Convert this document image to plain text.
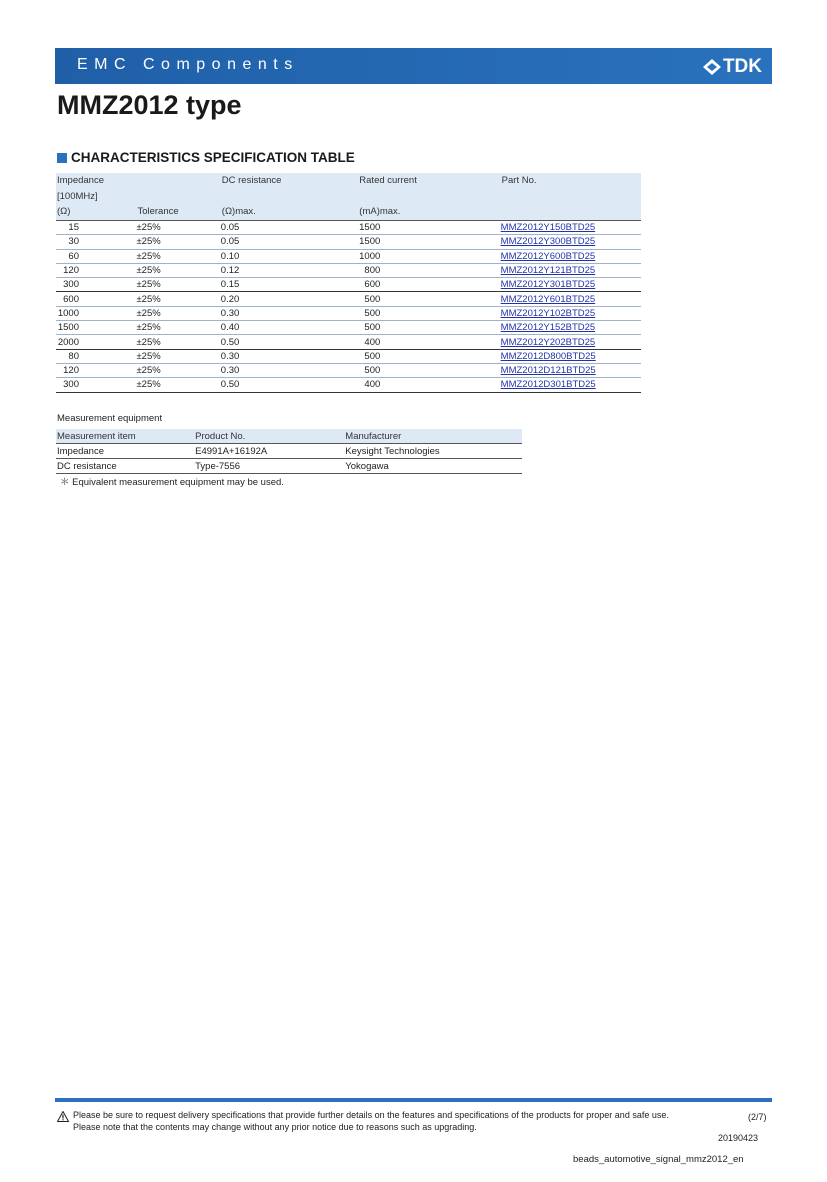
EMC Components	TDK
MMZ2012 type
CHARACTERISTICS SPECIFICATION TABLE
Impedance		DC resistance	Rated current	Part No.
[100MHz]				
(Ω)	Tolerance	(Ω)max.	(mA)max.	
15	±25%	0.05	1500	MMZ2012Y150BTD25
30	±25%	0.05	1500	MMZ2012Y300BTD25
60	±25%	0.10	1000	MMZ2012Y600BTD25
120	±25%	0.12	800	MMZ2012Y121BTD25
300	±25%	0.15	600	MMZ2012Y301BTD25
600	±25%	0.20	500	MMZ2012Y601BTD25
1000	±25%	0.30	500	MMZ2012Y102BTD25
1500	±25%	0.40	500	MMZ2012Y152BTD25
2000	±25%	0.50	400	MMZ2012Y202BTD25
80	±25%	0.30	500	MMZ2012D800BTD25
120	±25%	0.30	500	MMZ2012D121BTD25
300	±25%	0.50	400	MMZ2012D301BTD25
Measurement equipment
Measurement item	Product No.	Manufacturer
Impedance	E4991A+16192A	Keysight Technologies
DC resistance	Type-7556	Yokogawa
＊ Equivalent measurement equipment may be used.
Please be sure to request delivery specifications that provide further details on the features and specifications of the products for proper and safe use.
Please note that the contents may change without any prior notice due to reasons such as upgrading.
(2/7)
20190423
beads_automotive_signal_mmz2012_en
